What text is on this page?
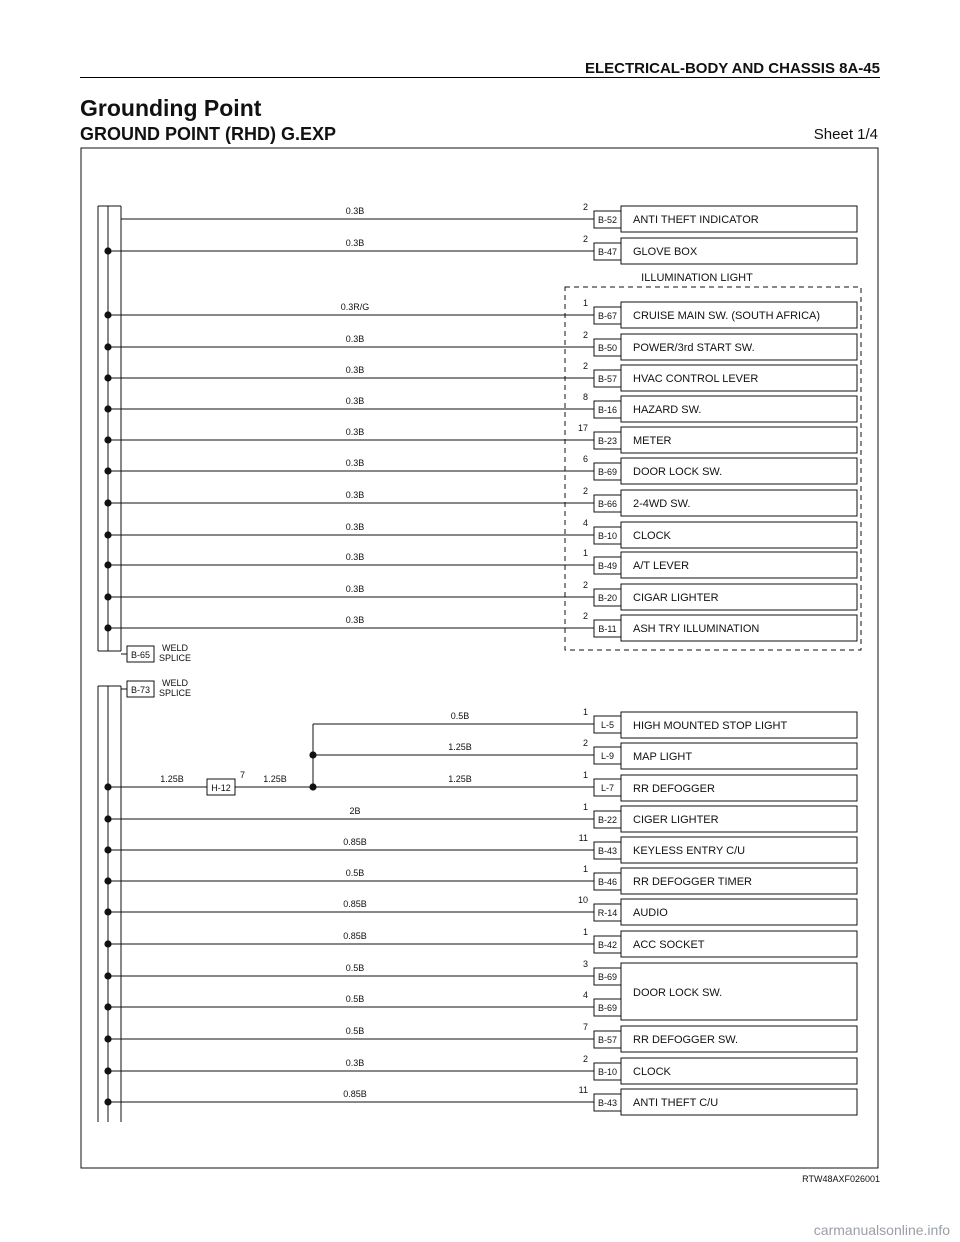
ELECTRICAL-BODY AND CHASSIS 8A-45
Grounding Point
GROUND POINT (RHD) G.EXP	Sheet 1/4
ILLUMINATION LIGHT
0.3B	2
B-52 ANTI THEFT INDICATOR
0.3B	2
B-47 GLOVE BOX
0.3R/G	1
B-67 CRUISE MAIN SW. (SOUTH AFRICA)
0.3B	2
B-50 POWER/3rd START SW.
0.3B	2
B-57 HVAC CONTROL LEVER
0.3B	8
B-16 HAZARD SW.
0.3B	17
B-23 METER
0.3B	6
B-69 DOOR LOCK SW.
0.3B	2
B-66 2-4WD SW.
0.3B	4
B-10 CLOCK
0.3B	1
B-49 A/T LEVER
0.3B	2
B-20 CIGAR LIGHTER
0.3B	2
B-11 ASH TRY ILLUMINATION
B-65
WELD
SPLICE
B-73
WELD
SPLICE
1.25B
H-12
7 1.25B
0.5B	1
L-5 HIGH MOUNTED STOP LIGHT
1.25B	2
L-9 MAP LIGHT
1.25B	1
L-7 RR DEFOGGER
2B	1
B-22 CIGER LIGHTER
0.85B	11
B-43 KEYLESS ENTRY C/U
0.5B	1
B-46 RR DEFOGGER TIMER
0.85B	10
R-14 AUDIO
0.85B	1
B-42 ACC SOCKET
0.5B	3
B-69
0.5B	4
B-69
0.5B	7
B-57 RR DEFOGGER SW.
0.3B	2
B-10 CLOCK
0.85B	11
B-43 ANTI THEFT C/U
DOOR LOCK SW.
RTW48AXF026001
carmanualsonline.info
